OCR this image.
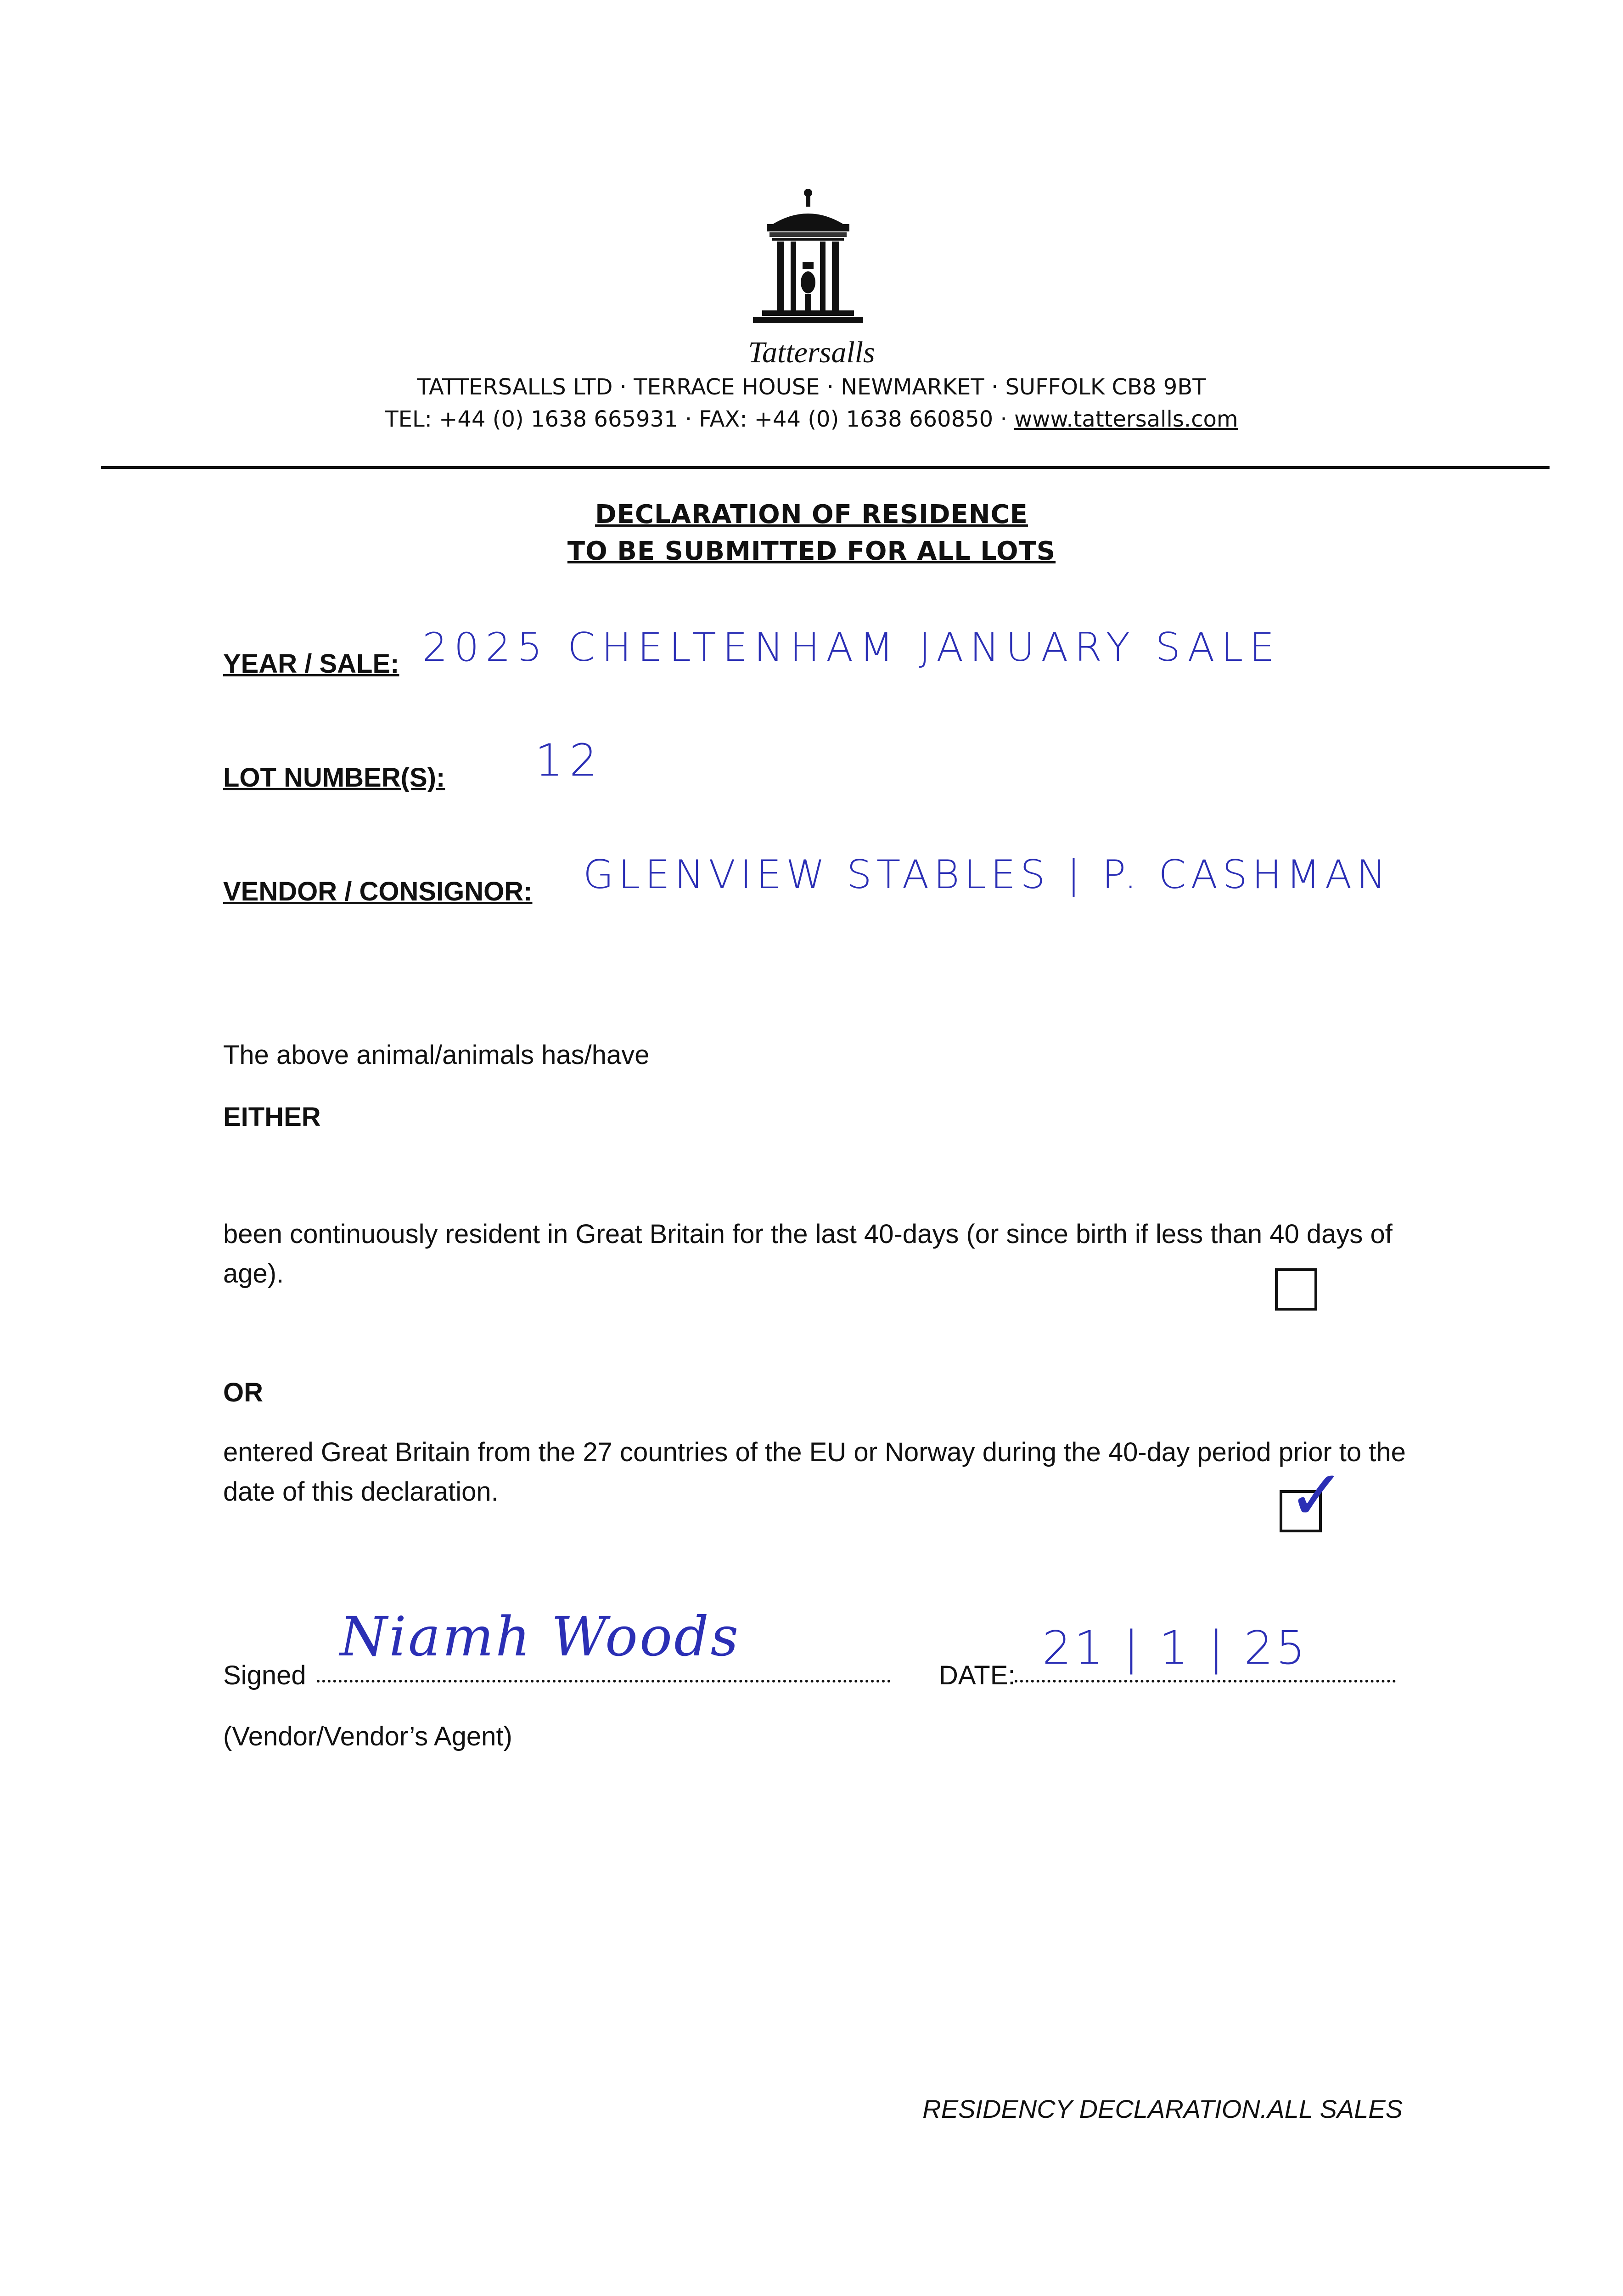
Tattersalls
TATTERSALLS LTD · TERRACE HOUSE · NEWMARKET · SUFFOLK CB8 9BT
TEL: +44 (0) 1638 665931 · FAX: +44 (0) 1638 660850 · www.tattersalls.com
DECLARATION OF RESIDENCE
TO BE SUBMITTED FOR ALL LOTS
YEAR / SALE: 2025 CHELTENHAM JANUARY SALE
LOT NUMBER(S): 12
VENDOR / CONSIGNOR: GLENVIEW STABLES | P. CASHMAN
The above animal/animals has/have
EITHER
been continuously resident in Great Britain for the last 40-days (or since birth if less than 40 days of age).
OR
entered Great Britain from the 27 countries of the EU or Norway during the 40-day period prior to the date of this declaration.	✓
Signed
Niamh Woods
DATE:
21 | 1 | 25
(Vendor/Vendor’s Agent)
RESIDENCY DECLARATION.ALL SALES
